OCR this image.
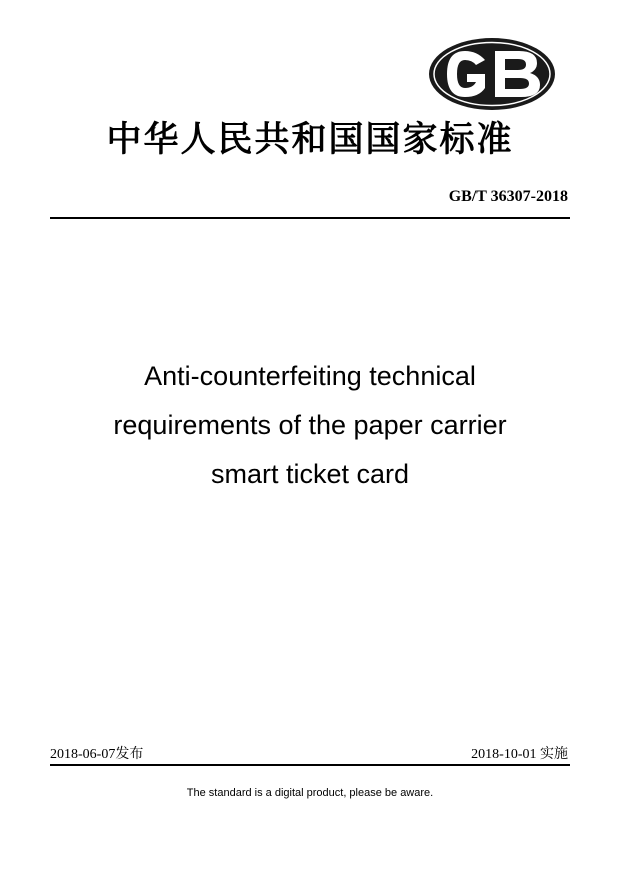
中华人民共和国国家标准
GB/T 36307-2018
Anti-counterfeiting technical
requirements of the paper carrier
smart ticket card
2018-06-07发布	2018-10-01 实施
The standard is a digital product, please be aware.
